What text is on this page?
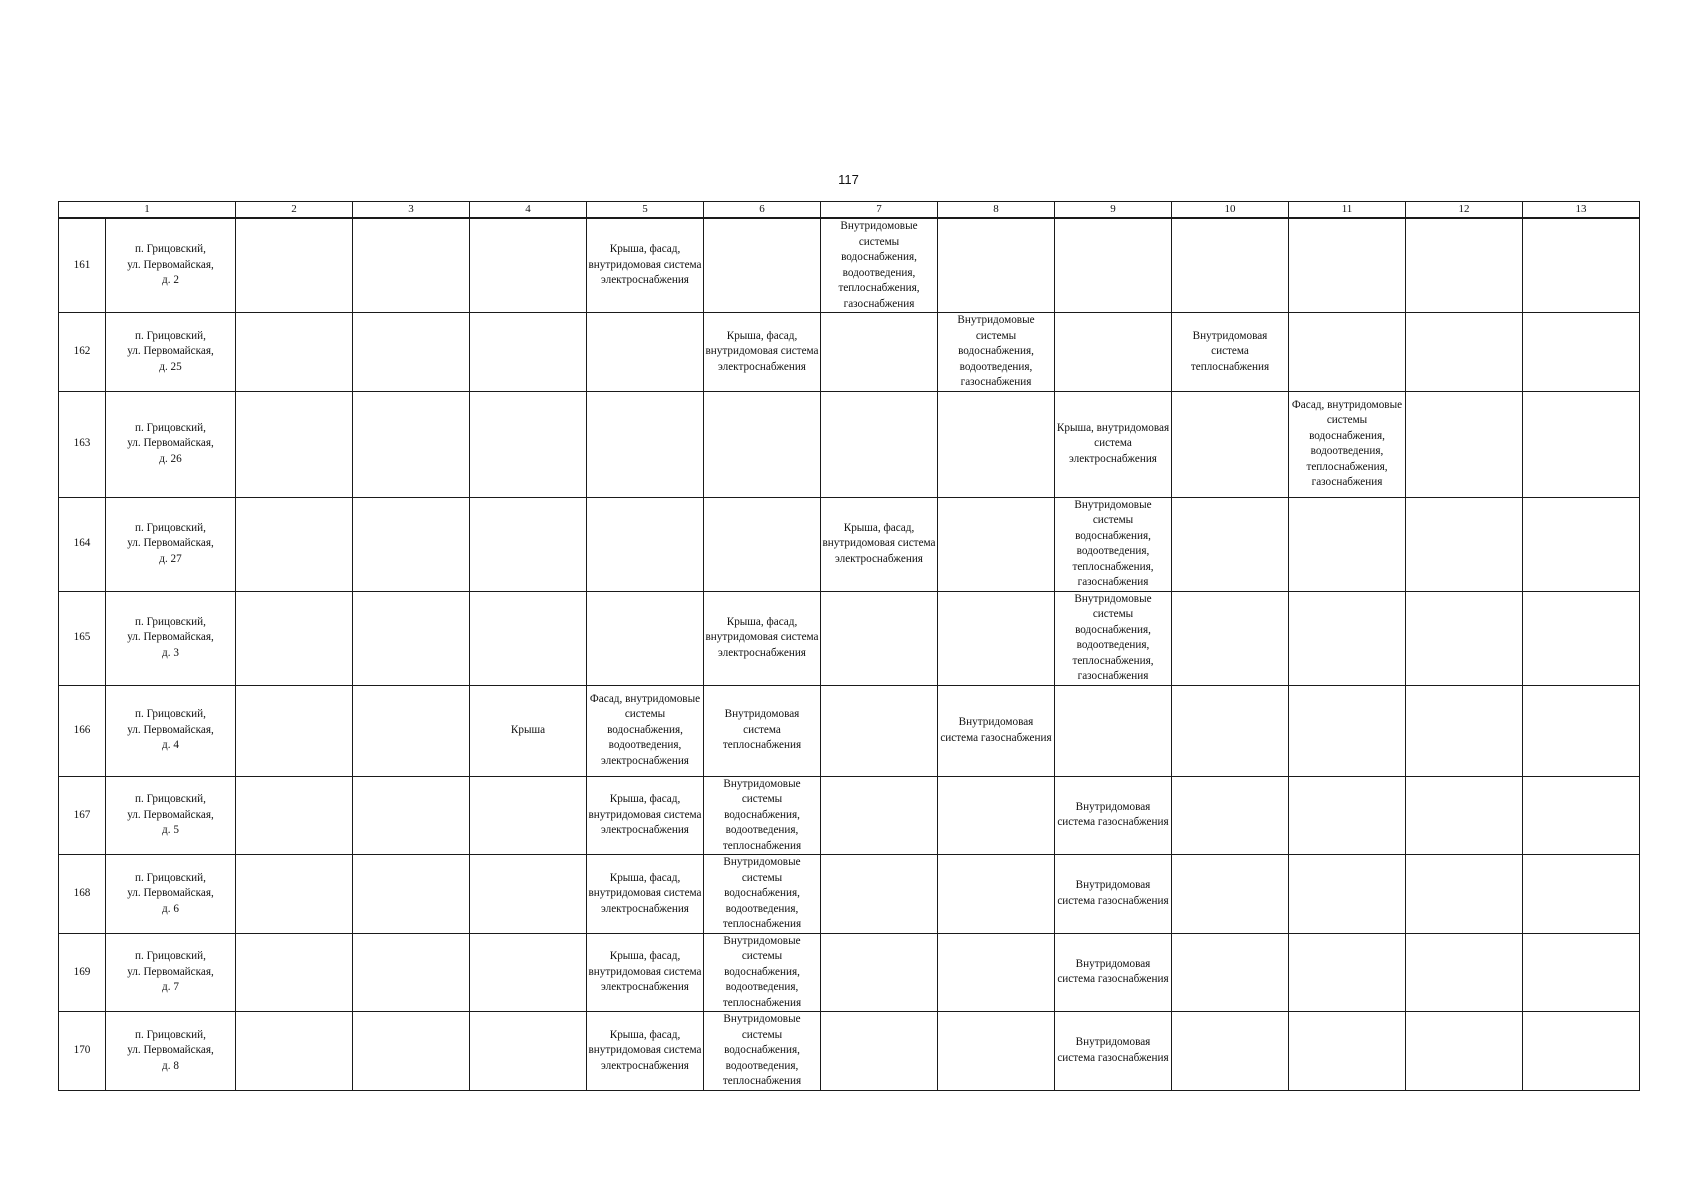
117
1		2	3	4	5	6	7	8	9	10	11	12	13
161	п. Грицовский,
ул. Первомайская,
д. 2				Крыша, фасад, внутридомовая система электроснабжения		Внутридомовые системы водоснабжения, водоотведения, теплоснабжения, газоснабжения						
162	п. Грицовский,
ул. Первомайская,
д. 25					Крыша, фасад, внутридомовая система электроснабжения		Внутридомовые системы водоснабжения, водоотведения, газоснабжения		Внутридомовая система теплоснабжения			
163	п. Грицовский,
ул. Первомайская,
д. 26								Крыша, внутридомовая система электроснабжения		Фасад, внутридомовые системы водоснабжения, водоотведения, теплоснабжения, газоснабжения		
164	п. Грицовский,
ул. Первомайская,
д. 27						Крыша, фасад, внутридомовая система электроснабжения		Внутридомовые системы водоснабжения, водоотведения, теплоснабжения, газоснабжения				
165	п. Грицовский,
ул. Первомайская,
д. 3					Крыша, фасад, внутридомовая система электроснабжения			Внутридомовые системы водоснабжения, водоотведения, теплоснабжения, газоснабжения				
166	п. Грицовский,
ул. Первомайская,
д. 4			Крыша	Фасад, внутридомовые системы водоснабжения, водоотведения, электроснабжения	Внутридомовая система теплоснабжения		Внутридомовая система газоснабжения					
167	п. Грицовский,
ул. Первомайская,
д. 5				Крыша, фасад, внутридомовая система электроснабжения	Внутридомовые системы водоснабжения, водоотведения, теплоснабжения			Внутридомовая система газоснабжения				
168	п. Грицовский,
ул. Первомайская,
д. 6				Крыша, фасад, внутридомовая система электроснабжения	Внутридомовые системы водоснабжения, водоотведения, теплоснабжения			Внутридомовая система газоснабжения				
169	п. Грицовский,
ул. Первомайская,
д. 7				Крыша, фасад, внутридомовая система электроснабжения	Внутридомовые системы водоснабжения, водоотведения, теплоснабжения			Внутридомовая система газоснабжения				
170	п. Грицовский,
ул. Первомайская,
д. 8				Крыша, фасад, внутридомовая система электроснабжения	Внутридомовые системы водоснабжения, водоотведения, теплоснабжения			Внутридомовая система газоснабжения				
